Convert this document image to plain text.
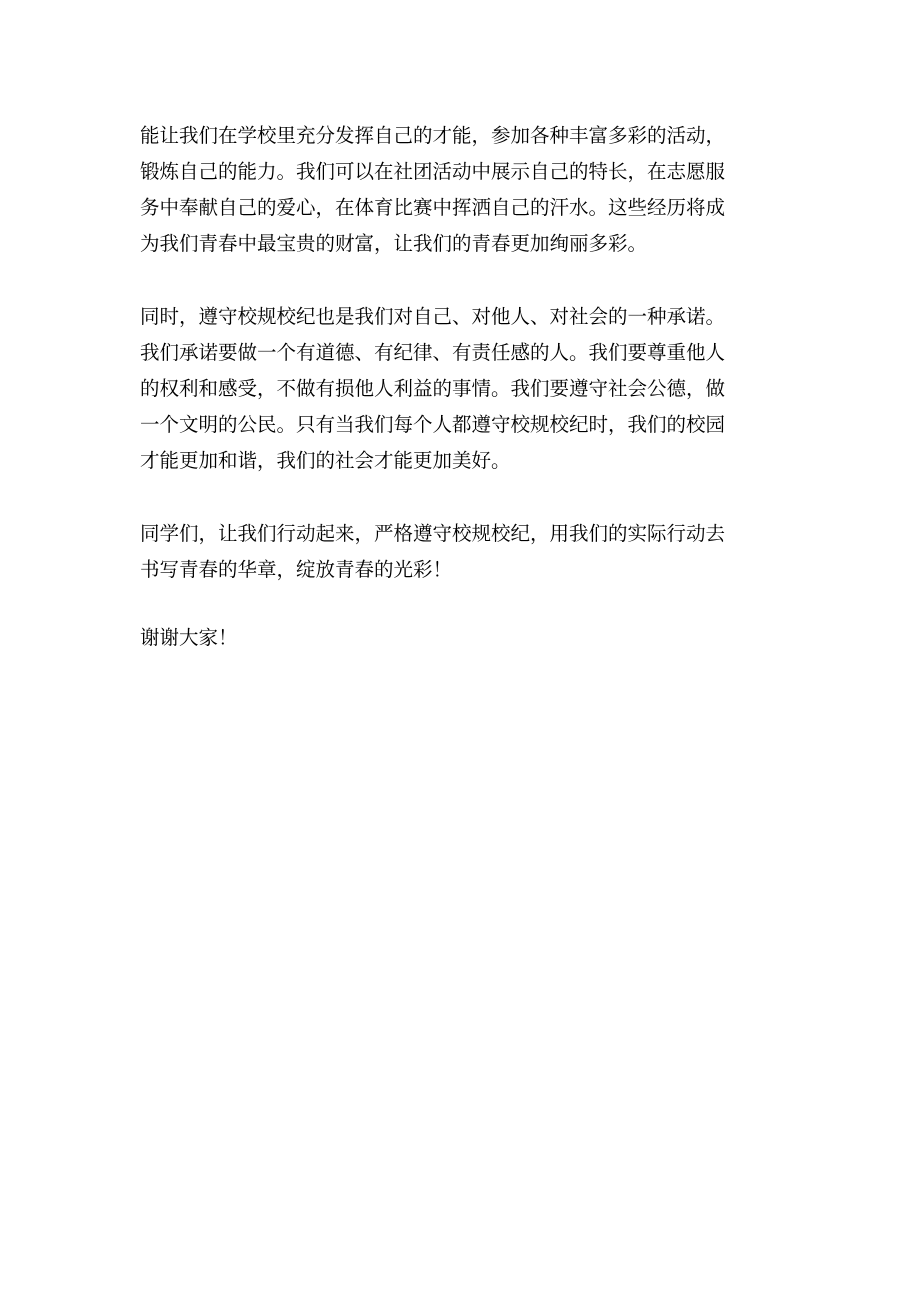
能让我们在学校里充分发挥自己的才能，参加各种丰富多彩的活动，
锻炼自己的能力。我们可以在社团活动中展示自己的特长，在志愿服
务中奉献自己的爱心，在体育比赛中挥洒自己的汗水。这些经历将成
为我们青春中最宝贵的财富，让我们的青春更加绚丽多彩。

同时，遵守校规校纪也是我们对自己、对他人、对社会的一种承诺。
我们承诺要做一个有道德、有纪律、有责任感的人。我们要尊重他人
的权利和感受，不做有损他人利益的事情。我们要遵守社会公德，做
一个文明的公民。只有当我们每个人都遵守校规校纪时，我们的校园
才能更加和谐，我们的社会才能更加美好。

同学们，让我们行动起来，严格遵守校规校纪，用我们的实际行动去
书写青春的华章，绽放青春的光彩！

谢谢大家！
